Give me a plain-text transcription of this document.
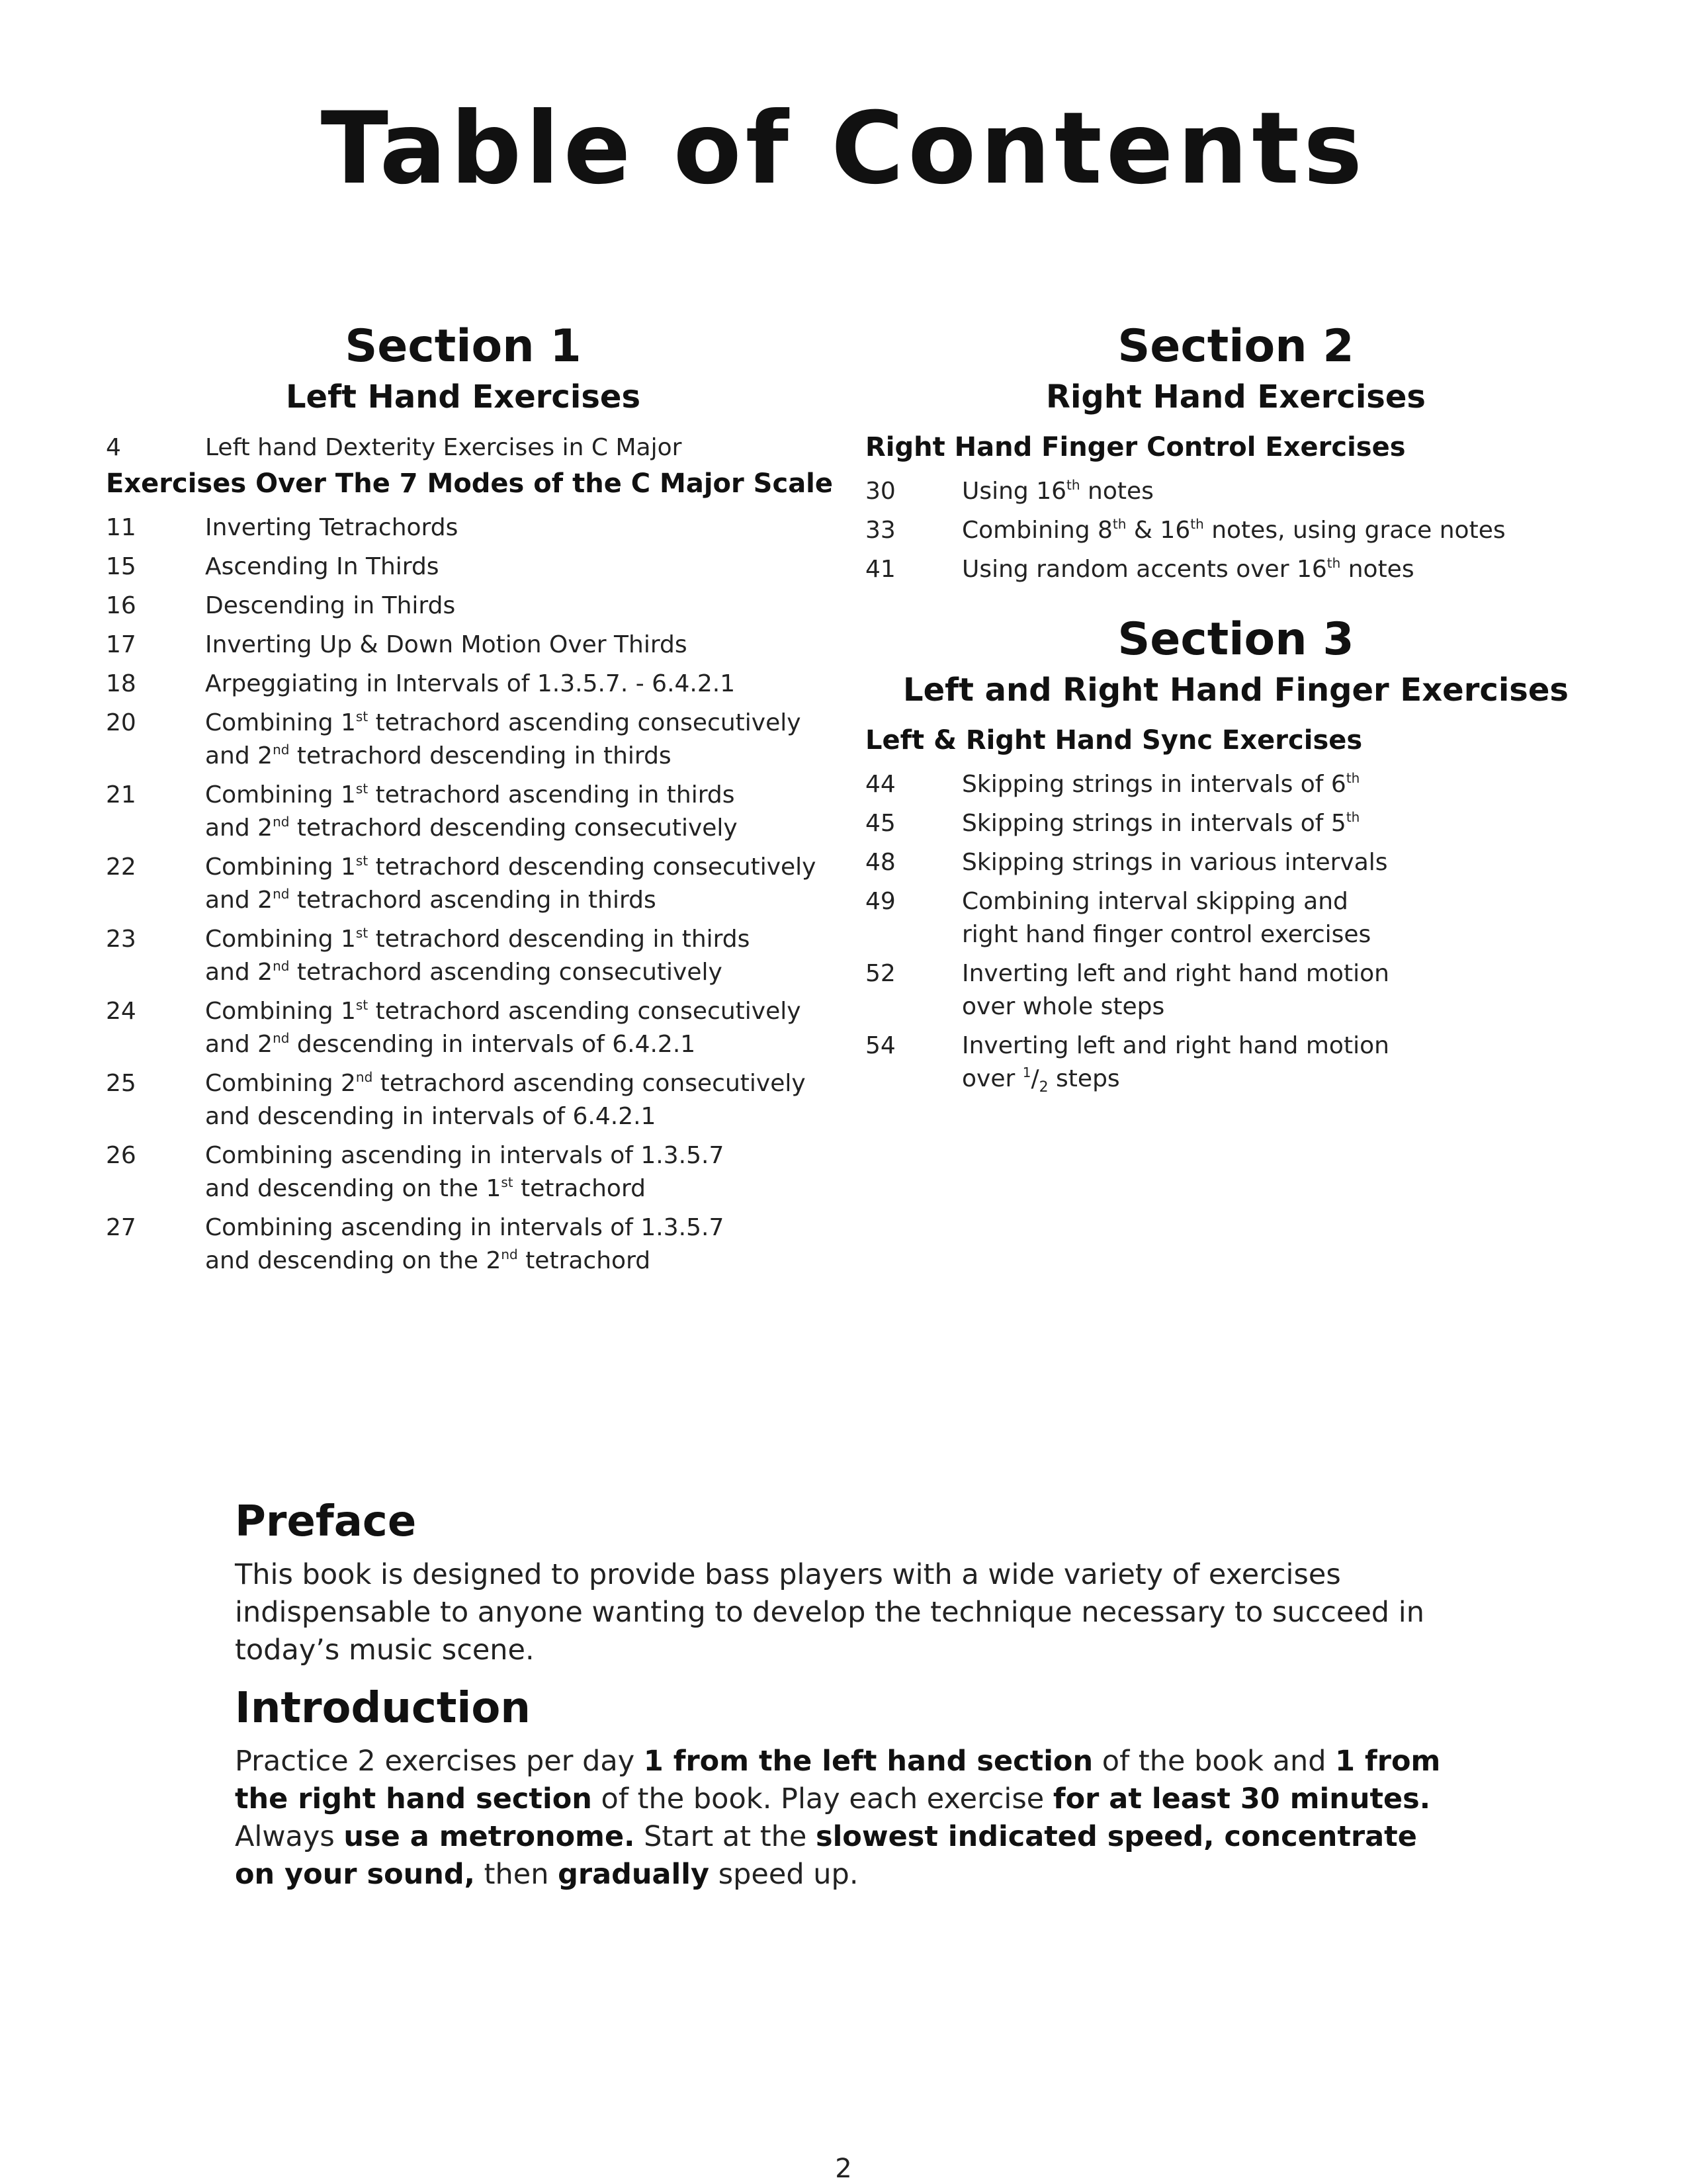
Table of Contents
Section 1
Left Hand Exercises
4	Left hand Dexterity Exercises in C Major
Exercises Over The 7 Modes of the C Major Scale
11	Inverting Tetrachords
15	Ascending In Thirds
16	Descending in Thirds
17	Inverting Up & Down Motion Over Thirds
18	Arpeggiating in Intervals of 1.3.5.7. - 6.4.2.1
20	Combining 1st tetrachord ascending consecutively
and 2nd tetrachord descending in thirds
21	Combining 1st tetrachord ascending in thirds
and 2nd tetrachord descending consecutively
22	Combining 1st tetrachord descending consecutively
and 2nd tetrachord ascending in thirds
23	Combining 1st tetrachord descending in thirds
and 2nd tetrachord ascending consecutively
24	Combining 1st tetrachord ascending consecutively
and 2nd descending in intervals of 6.4.2.1
25	Combining 2nd tetrachord ascending consecutively
and descending in intervals of 6.4.2.1
26	Combining ascending in intervals of 1.3.5.7
and descending on the 1st tetrachord
27	Combining ascending in intervals of 1.3.5.7
and descending on the 2nd tetrachord
Section 2
Right Hand Exercises
Right Hand Finger Control Exercises
30	Using 16th notes
33	Combining 8th & 16th notes, using grace notes
41	Using random accents over 16th notes
Section 3
Left and Right Hand Finger Exercises
Left & Right Hand Sync Exercises
44	Skipping strings in intervals of 6th
45	Skipping strings in intervals of 5th
48	Skipping strings in various intervals
49	Combining interval skipping and
right hand finger control exercises
52	Inverting left and right hand motion
over whole steps
54	Inverting left and right hand motion
over $^1/_2$ steps
Preface

This book is designed to provide bass players with a wide variety of exercises indispensable to anyone wanting to develop the technique necessary to succeed in today’s music scene.

Introduction

Practice 2 exercises per day 1 from the left hand section of the book and 1 from the right hand section of the book. Play each exercise for at least 30 minutes. Always use a metronome. Start at the slowest indicated speed, concentrate on your sound, then gradually speed up.

2
